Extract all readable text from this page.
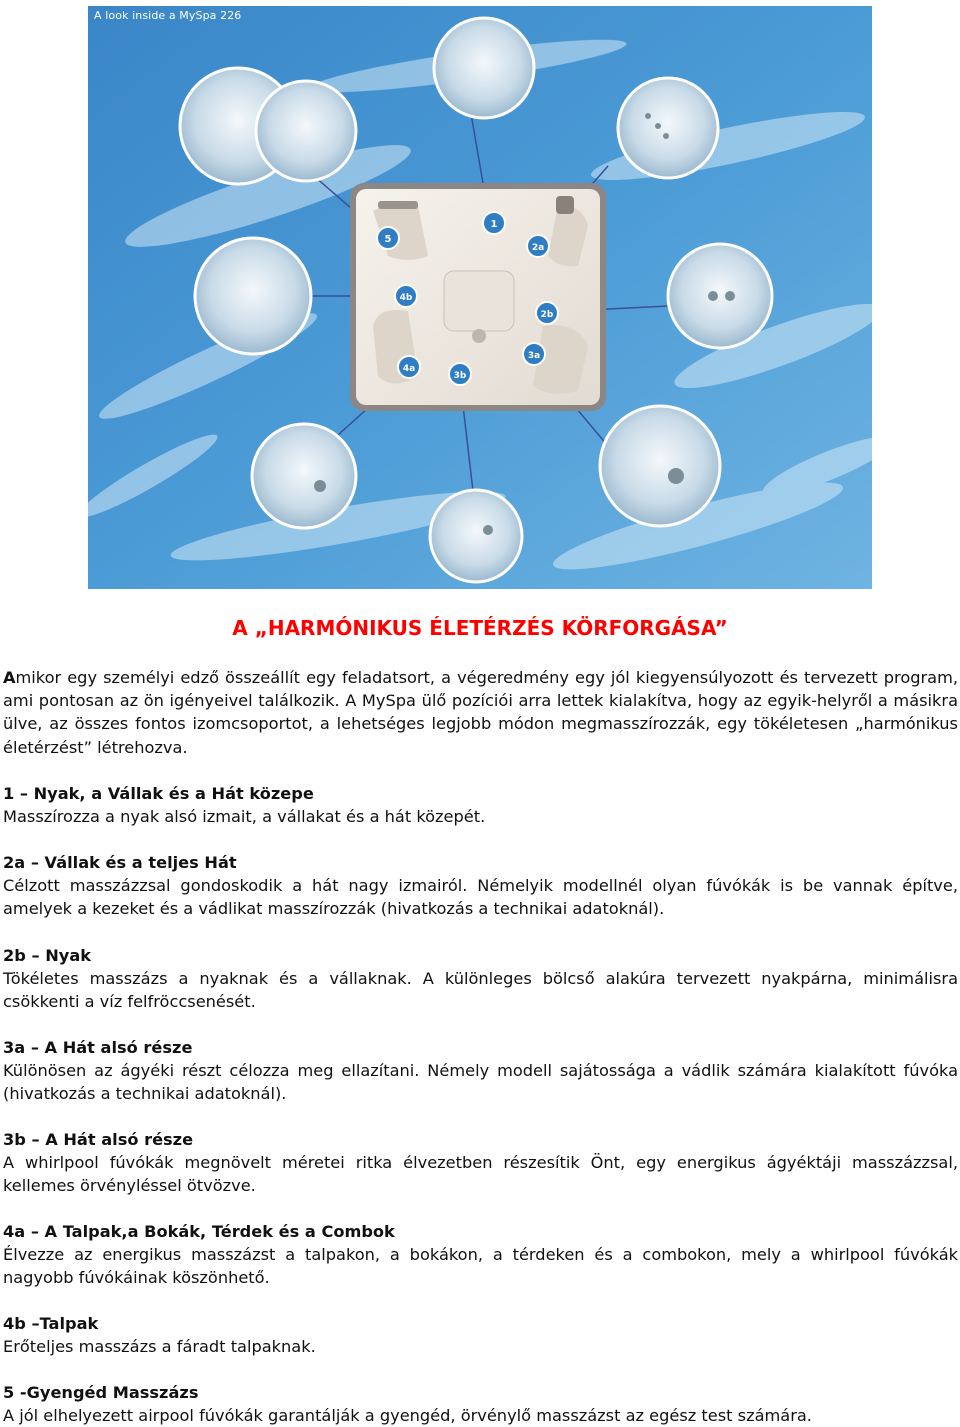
5
1
2a
4b
2b
3a
4a
3b
A look inside a MySpa 226
A „HARMÓNIKUS ÉLETÉRZÉS KÖRFORGÁSA”

Amikor egy személyi edző összeállít egy feladatsort, a végeredmény egy jól kiegyensúlyozott és tervezett program, ami pontosan az ön igényeivel találkozik. A MySpa ülő pozíciói arra lettek kialakítva, hogy az egyik-helyről a másikra ülve, az összes fontos izomcsoportot, a lehetséges legjobb módon megmasszírozzák, egy tökéletesen „harmónikus életérzést” létrehozva.

1 – Nyak, a Vállak és a Hát közepe

Masszírozza a nyak alsó izmait, a vállakat és a hát közepét.

2a – Vállak és a teljes Hát

Célzott masszázzsal gondoskodik a hát nagy izmairól. Némelyik modellnél olyan fúvókák is be vannak építve, amelyek a kezeket és a vádlikat masszírozzák (hivatkozás a technikai adatoknál).

2b – Nyak

Tökéletes masszázs a nyaknak és a vállaknak. A különleges bölcső alakúra tervezett nyakpárna, minimálisra csökkenti a víz felfröccsenését.

3a – A Hát alsó része

Különösen az ágyéki részt célozza meg ellazítani. Némely modell sajátossága a vádlik számára kialakított fúvóka (hivatkozás a technikai adatoknál).

3b – A Hát alsó része

A whirlpool fúvókák megnövelt méretei ritka élvezetben részesítik Önt, egy energikus ágyéktáji masszázzsal, kellemes örvényléssel ötvözve.

4a – A Talpak,a Bokák, Térdek és a Combok

Élvezze az energikus masszázst a talpakon, a bokákon, a térdeken és a combokon, mely a whirlpool fúvókák nagyobb fúvókáinak köszönhető.

4b –Talpak

Erőteljes masszázs a fáradt talpaknak.

5 -Gyengéd Masszázs

A jól elhelyezett airpool fúvókák garantálják a gyengéd, örvénylő masszázst az egész test számára.
